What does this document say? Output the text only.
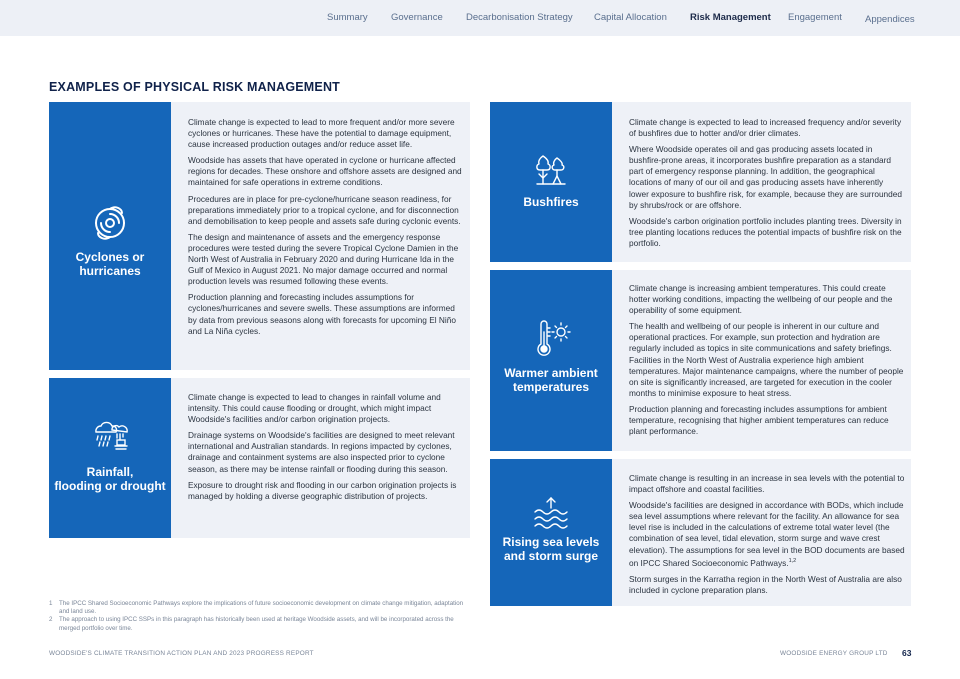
Summary Governance Decarbonisation Strategy Capital Allocation Risk Management Engagement Appendices
EXAMPLES OF PHYSICAL RISK MANAGEMENT
Cyclones or
hurricanes

Climate change is expected to lead to more frequent and/or more severe cyclones or hurricanes. These have the potential to damage equipment, cause increased production outages and/or reduce asset life.

Woodside has assets that have operated in cyclone or hurricane affected regions for decades. These onshore and offshore assets are designed and maintained for safe operations in extreme conditions.

Procedures are in place for pre-cyclone/hurricane season readiness, for preparations immediately prior to a tropical cyclone, and for disconnection and demobilisation to keep people and assets safe during cyclonic events.

The design and maintenance of assets and the emergency response procedures were tested during the severe Tropical Cyclone Damien in the North West of Australia in February 2020 and during Hurricane Ida in the Gulf of Mexico in August 2021. No major damage occurred and normal production levels was resumed following these events.

Production planning and forecasting includes assumptions for cyclones/hurricanes and severe swells. These assumptions are informed by data from previous seasons along with forecasts for upcoming El Niño and La Niña cycles.

Rainfall,
flooding or drought

Climate change is expected to lead to changes in rainfall volume and intensity. This could cause flooding or drought, which might impact Woodside's facilities and/or carbon origination projects.

Drainage systems on Woodside's facilities are designed to meet relevant international and Australian standards. In regions impacted by cyclones, drainage and containment systems are also inspected prior to cyclone season, as there may be intense rainfall or flooding during this season.

Exposure to drought risk and flooding in our carbon origination projects is managed by holding a diverse geographic distribution of projects.

Bushfires

Climate change is expected to lead to increased frequency and/or severity of bushfires due to hotter and/or drier climates.

Where Woodside operates oil and gas producing assets located in bushfire-prone areas, it incorporates bushfire preparation as a standard part of emergency response planning. In addition, the geographical locations of many of our oil and gas producing assets have inherently lower exposure to bushfire risk, for example, because they are surrounded by shrubs/rock or are offshore.

Woodside's carbon origination portfolio includes planting trees. Diversity in tree planting locations reduces the potential impacts of bushfire risk on the portfolio.

Warmer ambient
temperatures

Climate change is increasing ambient temperatures. This could create hotter working conditions, impacting the wellbeing of our people and the operability of some equipment.

The health and wellbeing of our people is inherent in our culture and operational practices. For example, sun protection and hydration are regularly included as topics in site communications and safety briefings. Facilities in the North West of Australia experience high ambient temperatures. Major maintenance campaigns, where the number of people on site is significantly increased, are targeted for execution in the cooler months to minimise exposure to heat stress.

Production planning and forecasting includes assumptions for ambient temperature, recognising that higher ambient temperatures can reduce plant performance.

Rising sea levels
and storm surge

Climate change is resulting in an increase in sea levels with the potential to impact offshore and coastal facilities.

Woodside's facilities are designed in accordance with BODs, which include sea level assumptions where relevant for the facility. An allowance for sea level rise is included in the calculations of extreme total water level (the combination of sea level, tidal elevation, storm surge and wave crest elevation). The assumptions for sea level in the BOD documents are based on IPCC Shared Socioeconomic Pathways.$^{1,2}$

Storm surges in the Karratha region in the North West of Australia are also included in cyclone preparation plans.

1	The IPCC Shared Socioeconomic Pathways explore the implications of future socioeconomic development on climate change mitigation, adaptation and land use.
2	The approach to using IPCC SSPs in this paragraph has historically been used at heritage Woodside assets, and will be incorporated across the merged portfolio over time.
WOODSIDE'S CLIMATE TRANSITION ACTION PLAN AND 2023 PROGRESS REPORT	WOODSIDE ENERGY GROUP LTD 63
